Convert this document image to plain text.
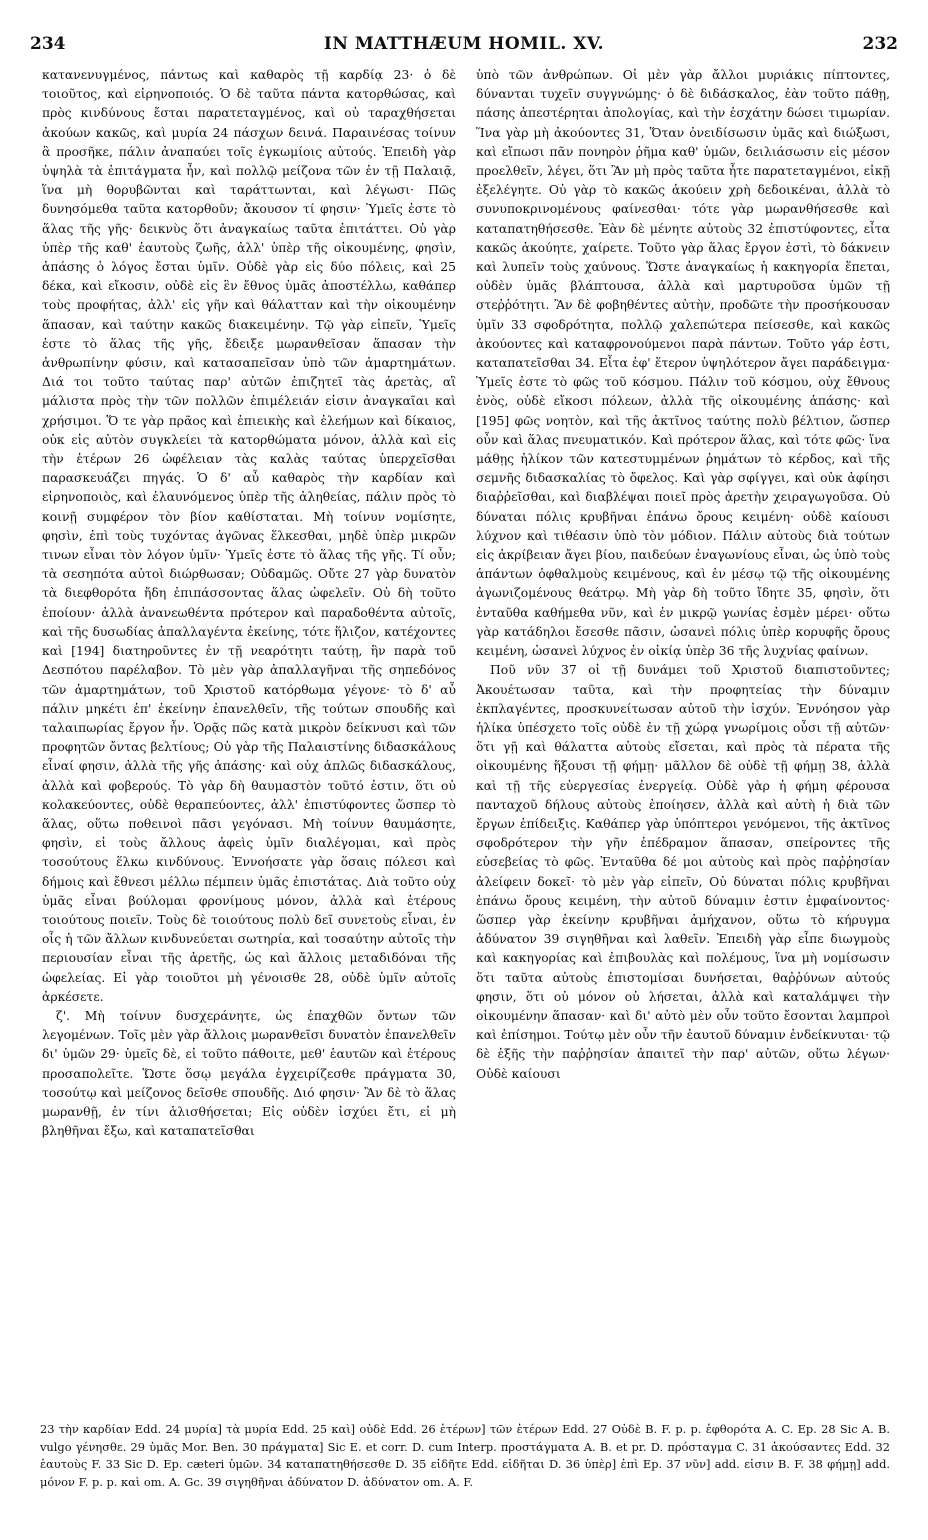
234	IN MATTHÆUM HOMIL. XV.	232

κατανενυγμένος, πάντως καὶ καθαρὸς τῇ καρδίᾳ 23· ὁ δὲ τοιοῦτος, καὶ εἰρηνοποιός. Ὁ δὲ ταῦτα πάντα κατορθώσας, καὶ πρὸς κινδύνους ἔσται παρατεταγμένος, καὶ οὐ ταραχθήσεται ἀκούων κακῶς, καὶ μυρία 24 πάσχων δεινά. Παραινέσας τοίνυν ἃ προσῆκε, πάλιν ἀναπαύει τοῖς ἐγκωμίοις αὐτούς. Ἐπειδὴ γὰρ ὑψηλὰ τὰ ἐπιτάγματα ἦν, καὶ πολλῷ μείζονα τῶν ἐν τῇ Παλαιᾷ, ἵνα μὴ θορυβῶνται καὶ ταράττωνται, καὶ λέγωσι· Πῶς δυνησόμεθα ταῦτα κατορθοῦν; ἄκουσον τί φησιν· Ὑμεῖς ἐστε τὸ ἅλας τῆς γῆς· δεικνὺς ὅτι ἀναγκαίως ταῦτα ἐπιτάττει. Οὐ γὰρ ὑπὲρ τῆς καθ' ἑαυτοὺς ζωῆς, ἀλλ' ὑπὲρ τῆς οἰκουμένης, φησὶν, ἁπάσης ὁ λόγος ἔσται ὑμῖν. Οὐδὲ γὰρ εἰς δύο πόλεις, καὶ 25 δέκα, καὶ εἴκοσιν, οὐδὲ εἰς ἓν ἔθνος ὑμᾶς ἀποστέλλω, καθάπερ τοὺς προφήτας, ἀλλ' εἰς γῆν καὶ θάλατταν καὶ τὴν οἰκουμένην ἅπασαν, καὶ ταύτην κακῶς διακειμένην. Τῷ γὰρ εἰπεῖν, Ὑμεῖς ἐστε τὸ ἅλας τῆς γῆς, ἔδειξε μωρανθεῖσαν ἅπασαν τὴν ἀνθρωπίνην φύσιν, καὶ κατασαπεῖσαν ὑπὸ τῶν ἁμαρτημάτων. Διά τοι τοῦτο ταύτας παρ' αὐτῶν ἐπιζητεῖ τὰς ἀρετὰς, αἳ μάλιστα πρὸς τὴν τῶν πολλῶν ἐπιμέλειάν εἰσιν ἀναγκαῖαι καὶ χρήσιμοι. Ὅ τε γὰρ πρᾶος καὶ ἐπιεικὴς καὶ ἐλεήμων καὶ δίκαιος, οὐκ εἰς αὐτὸν συγκλείει τὰ κατορθώματα μόνον, ἀλλὰ καὶ εἰς τὴν ἑτέρων 26 ὠφέλειαν τὰς καλὰς ταύτας ὑπερχεῖσθαι παρασκευάζει πηγάς. Ὁ δ' αὖ καθαρὸς τὴν καρδίαν καὶ εἰρηνοποιὸς, καὶ ἐλαυνόμενος ὑπὲρ τῆς ἀληθείας, πάλιν πρὸς τὸ κοινῇ συμφέρον τὸν βίον καθίσταται. Μὴ τοίνυν νομίσητε, φησὶν, ἐπὶ τοὺς τυχόντας ἀγῶνας ἕλκεσθαι, μηδὲ ὑπὲρ μικρῶν τινων εἶναι τὸν λόγον ὑμῖν· Ὑμεῖς ἐστε τὸ ἅλας τῆς γῆς. Τί οὖν; τὰ σεσηπότα αὐτοὶ διώρθωσαν; Οὐδαμῶς. Οὔτε 27 γὰρ δυνατὸν τὰ διεφθορότα ἤδη ἐπιπάσσοντας ἅλας ὠφελεῖν. Οὐ δὴ τοῦτο ἐποίουν· ἀλλὰ ἀνανεωθέντα πρότερον καὶ παραδοθέντα αὐτοῖς, καὶ τῆς δυσωδίας ἀπαλλαγέντα ἐκείνης, τότε ἥλιζον, κατέχοντες καὶ [194] διατηροῦντες ἐν τῇ νεαρότητι ταύτῃ, ἣν παρὰ τοῦ Δεσπότου παρέλαβον. Τὸ μὲν γὰρ ἀπαλλαγῆναι τῆς σηπεδόνος τῶν ἁμαρτημάτων, τοῦ Χριστοῦ κατόρθωμα γέγονε· τὸ δ' αὖ πάλιν μηκέτι ἐπ' ἐκείνην ἐπανελθεῖν, τῆς τούτων σπουδῆς καὶ ταλαιπωρίας ἔργον ἦν. Ὁρᾷς πῶς κατὰ μικρὸν δείκνυσι καὶ τῶν προφητῶν ὄντας βελτίους; Οὐ γὰρ τῆς Παλαιστίνης διδασκάλους εἶναί φησιν, ἀλλὰ τῆς γῆς ἁπάσης· καὶ οὐχ ἁπλῶς διδασκάλους, ἀλλὰ καὶ φοβερούς. Τὸ γὰρ δὴ θαυμαστὸν τοῦτό ἐστιν, ὅτι οὐ κολακεύοντες, οὐδὲ θεραπεύοντες, ἀλλ' ἐπιστύφοντες ὥσπερ τὸ ἅλας, οὕτω ποθεινοὶ πᾶσι γεγόνασι. Μὴ τοίνυν θαυμάσητε, φησὶν, εἰ τοὺς ἄλλους ἀφεὶς ὑμῖν διαλέγομαι, καὶ πρὸς τοσούτους ἕλκω κινδύνους. Ἐννοήσατε γὰρ ὅσαις πόλεσι καὶ δήμοις καὶ ἔθνεσι μέλλω πέμπειν ὑμᾶς ἐπιστάτας. Διὰ τοῦτο οὐχ ὑμᾶς εἶναι βούλομαι φρονίμους μόνον, ἀλλὰ καὶ ἑτέρους τοιούτους ποιεῖν. Τοὺς δὲ τοιούτους πολὺ δεῖ συνετοὺς εἶναι, ἐν οἷς ἡ τῶν ἄλλων κινδυνεύεται σωτηρία, καὶ τοσαύτην αὐτοῖς τὴν περιουσίαν εἶναι τῆς ἀρετῆς, ὡς καὶ ἄλλοις μεταδιδόναι τῆς ὠφελείας. Εἰ γὰρ τοιοῦτοι μὴ γένοισθε 28, οὐδὲ ὑμῖν αὐτοῖς ἀρκέσετε.

ζ'. Μὴ τοίνυν δυσχεράνητε, ὡς ἐπαχθῶν ὄντων τῶν λεγομένων. Τοῖς μὲν γὰρ ἄλλοις μωρανθεῖσι δυνατὸν ἐπανελθεῖν δι' ὑμῶν 29· ὑμεῖς δὲ, εἰ τοῦτο πάθοιτε, μεθ' ἑαυτῶν καὶ ἑτέρους προσαπολεῖτε. Ὥστε ὅσῳ μεγάλα ἐγχειρίζεσθε πράγματα 30, τοσούτῳ καὶ μείζονος δεῖσθε σπουδῆς. Διό φησιν· Ἂν δὲ τὸ ἅλας μωρανθῇ, ἐν τίνι ἁλισθήσεται; Εἰς οὐδὲν ἰσχύει ἔτι, εἰ μὴ βληθῆναι ἔξω, καὶ καταπατεῖσθαι

ὑπὸ τῶν ἀνθρώπων. Οἱ μὲν γὰρ ἄλλοι μυριάκις πίπτοντες, δύνανται τυχεῖν συγγνώμης· ὁ δὲ διδάσκαλος, ἐὰν τοῦτο πάθῃ, πάσης ἀπεστέρηται ἀπολογίας, καὶ τὴν ἐσχάτην δώσει τιμωρίαν. Ἵνα γὰρ μὴ ἀκούοντες 31, Ὅταν ὀνειδίσωσιν ὑμᾶς καὶ διώξωσι, καὶ εἴπωσι πᾶν πονηρὸν ῥῆμα καθ' ὑμῶν, δειλιάσωσιν εἰς μέσον προελθεῖν, λέγει, ὅτι Ἂν μὴ πρὸς ταῦτα ἦτε παρατεταγμένοι, εἰκῇ ἐξελέγητε. Οὐ γὰρ τὸ κακῶς ἀκούειν χρὴ δεδοικέναι, ἀλλὰ τὸ συνυποκρινομένους φαίνεσθαι· τότε γὰρ μωρανθήσεσθε καὶ καταπατηθήσεσθε. Ἐὰν δὲ μένητε αὐτοὺς 32 ἐπιστύφοντες, εἶτα κακῶς ἀκούητε, χαίρετε. Τοῦτο γὰρ ἅλας ἔργον ἐστὶ, τὸ δάκνειν καὶ λυπεῖν τοὺς χαύνους. Ὥστε ἀναγκαίως ἡ κακηγορία ἕπεται, οὐδὲν ὑμᾶς βλάπτουσα, ἀλλὰ καὶ μαρτυροῦσα ὑμῶν τῇ στεῤῥότητι. Ἂν δὲ φοβηθέντες αὐτὴν, προδῶτε τὴν προσήκουσαν ὑμῖν 33 σφοδρότητα, πολλῷ χαλεπώτερα πείσεσθε, καὶ κακῶς ἀκούοντες καὶ καταφρονούμενοι παρὰ πάντων. Τοῦτο γάρ ἐστι, καταπατεῖσθαι 34. Εἶτα ἐφ' ἕτερον ὑψηλότερον ἄγει παράδειγμα· Ὑμεῖς ἐστε τὸ φῶς τοῦ κόσμου. Πάλιν τοῦ κόσμου, οὐχ ἔθνους ἑνὸς, οὐδὲ εἴκοσι πόλεων, ἀλλὰ τῆς οἰκουμένης ἁπάσης· καὶ [195] φῶς νοητὸν, καὶ τῆς ἀκτῖνος ταύτης πολὺ βέλτιον, ὥσπερ οὖν καὶ ἅλας πνευματικόν. Καὶ πρότερον ἅλας, καὶ τότε φῶς· ἵνα μάθῃς ἡλίκον τῶν κατεστυμμένων ῥημάτων τὸ κέρδος, καὶ τῆς σεμνῆς διδασκαλίας τὸ ὄφελος. Καὶ γὰρ σφίγγει, καὶ οὐκ ἀφίησι διαῤῥεῖσθαι, καὶ διαβλέψαι ποιεῖ πρὸς ἀρετὴν χειραγωγοῦσα. Οὐ δύναται πόλις κρυβῆναι ἐπάνω ὄρους κειμένη· οὐδὲ καίουσι λύχνον καὶ τιθέασιν ὑπὸ τὸν μόδιον. Πάλιν αὐτοὺς διὰ τούτων εἰς ἀκρίβειαν ἄγει βίου, παιδεύων ἐναγωνίους εἶναι, ὡς ὑπὸ τοὺς ἁπάντων ὀφθαλμοὺς κειμένους, καὶ ἐν μέσῳ τῷ τῆς οἰκουμένης ἀγωνιζομένους θεάτρῳ. Μὴ γὰρ δὴ τοῦτο ἴδητε 35, φησὶν, ὅτι ἐνταῦθα καθήμεθα νῦν, καὶ ἐν μικρῷ γωνίας ἐσμὲν μέρει· οὕτω γὰρ κατάδηλοι ἔσεσθε πᾶσιν, ὡσανεὶ πόλις ὑπὲρ κορυφῆς ὄρους κειμένη, ὡσανεὶ λύχνος ἐν οἰκίᾳ ὑπὲρ 36 τῆς λυχνίας φαίνων.

Ποῦ νῦν 37 οἱ τῇ δυνάμει τοῦ Χριστοῦ διαπιστοῦντες; Ἀκουέτωσαν ταῦτα, καὶ τὴν προφητείας τὴν δύναμιν ἐκπλαγέντες, προσκυνείτωσαν αὐτοῦ τὴν ἰσχύν. Ἐννόησον γὰρ ἡλίκα ὑπέσχετο τοῖς οὐδὲ ἐν τῇ χώρᾳ γνωρίμοις οὖσι τῇ αὐτῶν· ὅτι γῇ καὶ θάλαττα αὐτοὺς εἴσεται, καὶ πρὸς τὰ πέρατα τῆς οἰκουμένης ἥξουσι τῇ φήμῃ· μᾶλλον δὲ οὐδὲ τῇ φήμῃ 38, ἀλλὰ καὶ τῇ τῆς εὐεργεσίας ἐνεργείᾳ. Οὐδὲ γὰρ ἡ φήμη φέρουσα πανταχοῦ δήλους αὐτοὺς ἐποίησεν, ἀλλὰ καὶ αὐτὴ ἡ διὰ τῶν ἔργων ἐπίδειξις. Καθάπερ γὰρ ὑπόπτεροι γενόμενοι, τῆς ἀκτῖνος σφοδρότερον τὴν γῆν ἐπέδραμον ἅπασαν, σπείροντες τῆς εὐσεβείας τὸ φῶς. Ἐνταῦθα δέ μοι αὐτοὺς καὶ πρὸς παῤῥησίαν ἀλείφειν δοκεῖ· τὸ μὲν γὰρ εἰπεῖν, Οὐ δύναται πόλις κρυβῆναι ἐπάνω ὄρους κειμένη, τὴν αὐτοῦ δύναμιν ἐστιν ἐμφαίνοντος· ὥσπερ γὰρ ἐκείνην κρυβῆναι ἀμήχανον, οὕτω τὸ κήρυγμα ἀδύνατον 39 σιγηθῆναι καὶ λαθεῖν. Ἐπειδὴ γὰρ εἶπε διωγμοὺς καὶ κακηγορίας καὶ ἐπιβουλὰς καὶ πολέμους, ἵνα μὴ νομίσωσιν ὅτι ταῦτα αὐτοὺς ἐπιστομίσαι δυνήσεται, θαῤῥύνων αὐτούς φησιν, ὅτι οὐ μόνον οὐ λήσεται, ἀλλὰ καὶ καταλάμψει τὴν οἰκουμένην ἅπασαν· καὶ δι' αὐτὸ μὲν οὖν τοῦτο ἔσονται λαμπροὶ καὶ ἐπίσημοι. Τούτῳ μὲν οὖν τῆν ἑαυτοῦ δύναμιν ἐνδείκνυται· τῷ δὲ ἑξῆς τὴν παῤῥησίαν ἀπαιτεῖ τὴν παρ' αὐτῶν, οὕτω λέγων· Οὐδὲ καίουσι

23 τὴν καρδίαν Edd. 24 μυρία] τὰ μυρία Edd. 25 καὶ] οὐδὲ Edd. 26 ἑτέρων] τῶν ἑτέρων Edd. 27 Οὐδὲ B. F. p. p. ἐφθορότα A. C. Ep. 28 Sic A. B. vulgo γένησθε. 29 ὑμᾶς Mor. Ben. 30 πράγματα] Sic E. et corr. D. cum Interp. προστάγματα A. B. et pr. D. πρόσταγμα C. 31 ἀκούσαντες Edd. 32 ἑαυτοὺς F. 33 Sic D. Ep. cæteri ὑμῶν. 34 καταπατηθήσεσθε D. 35 εἰδῆτε Edd. εἰδῆται D. 36 ὑπὲρ] ἐπὶ Ep. 37 νῦν] add. εἰσιν B. F. 38 φήμῃ] add. μόνον F. p. p. καὶ om. A. Gc. 39 σιγηθῆναι ἀδύνατον D. ἀδύνατον om. A. F.
